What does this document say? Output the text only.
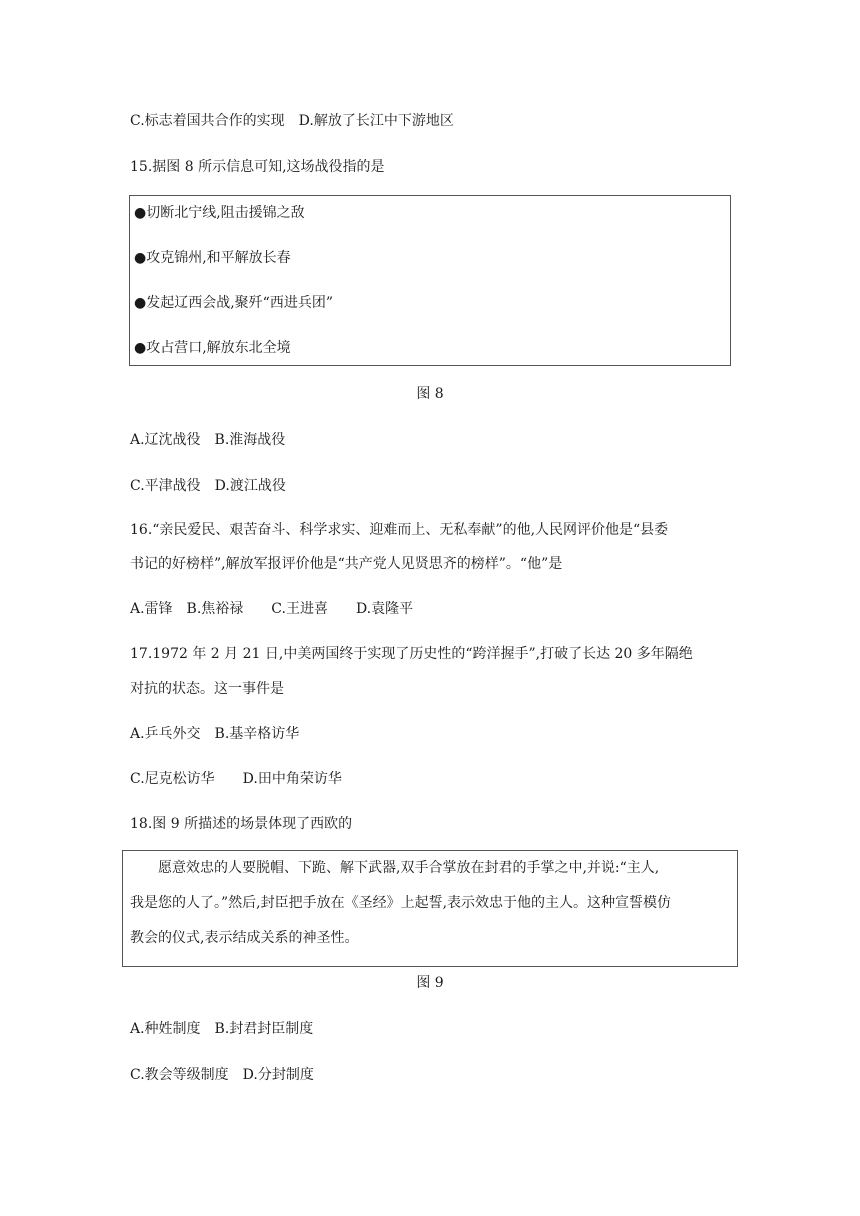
C.标志着国共合作的实现　D.解放了长江中下游地区
15.据图 8 所示信息可知,这场战役指的是
●切断北宁线,阻击援锦之敌
●攻克锦州,和平解放长春
●发起辽西会战,聚歼“西进兵团”
●攻占营口,解放东北全境
图 8
A.辽沈战役　B.淮海战役
C.平津战役　D.渡江战役
16.“亲民爱民、艰苦奋斗、科学求实、迎难而上、无私奉献”的他,人民网评价他是“县委
书记的好榜样”,解放军报评价他是“共产党人见贤思齐的榜样”。“他”是
A.雷锋　B.焦裕禄　　C.王进喜　　D.袁隆平
17.1972 年 2 月 21 日,中美两国终于实现了历史性的“跨洋握手”,打破了长达 20 多年隔绝
对抗的状态。这一事件是
A.乒乓外交　B.基辛格访华
C.尼克松访华　　D.田中角荣访华
18.图 9 所描述的场景体现了西欧的
　　愿意效忠的人要脱帽、下跪、解下武器,双手合掌放在封君的手掌之中,并说:“主人,
我是您的人了。”然后,封臣把手放在《圣经》上起誓,表示效忠于他的主人。这种宣誓模仿
教会的仪式,表示结成关系的神圣性。
图 9
A.种姓制度　B.封君封臣制度
C.教会等级制度　D.分封制度
